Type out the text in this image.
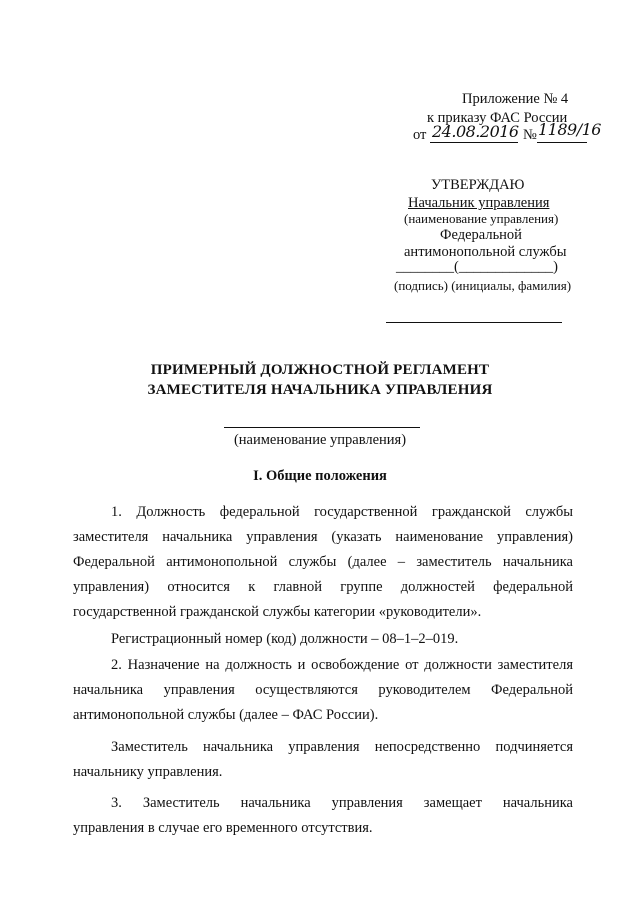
Приложение № 4
к приказу ФАС России
от 24.08.2016 № 1189/16
УТВЕРЖДАЮ
Начальник управления
(наименование управления)
Федеральной
антимонопольной службы
________(_____________)
(подпись) (инициалы, фамилия)
ПРИМЕРНЫЙ ДОЛЖНОСТНОЙ РЕГЛАМЕНТ
ЗАМЕСТИТЕЛЯ НАЧАЛЬНИКА УПРАВЛЕНИЯ
(наименование управления)
I. Общие положения
1. Должность федеральной государственной гражданской службы
заместителя начальника управления (указать наименование управления)
Федеральной антимонопольной службы (далее – заместитель начальника
управления) относится к главной группе должностей федеральной
государственной гражданской службы категории «руководители».
Регистрационный номер (код) должности – 08–1–2–019.
2. Назначение на должность и освобождение от должности заместителя
начальника управления осуществляются руководителем Федеральной
антимонопольной службы (далее – ФАС России).
Заместитель начальника управления непосредственно подчиняется
начальнику управления.
3. Заместитель начальника управления замещает начальника
управления в случае его временного отсутствия.
